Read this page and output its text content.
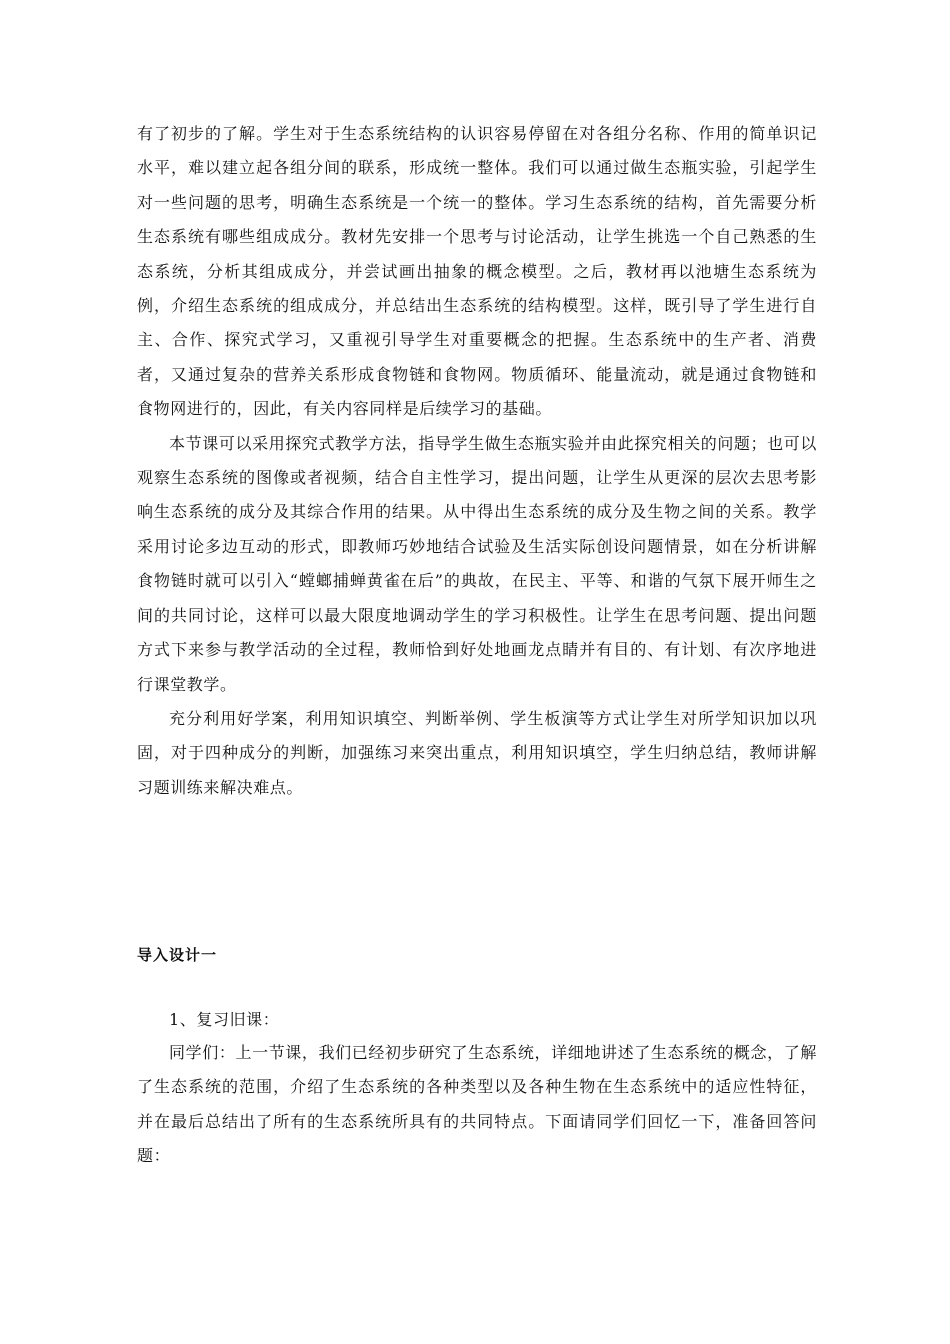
有了初步的了解。学生对于生态系统结构的认识容易停留在对各组分名称、作用的简单识记水平，难以建立起各组分间的联系，形成统一整体。我们可以通过做生态瓶实验，引起学生对一些问题的思考，明确生态系统是一个统一的整体。学习生态系统的结构，首先需要分析生态系统有哪些组成成分。教材先安排一个思考与讨论活动，让学生挑选一个自己熟悉的生态系统，分析其组成成分，并尝试画出抽象的概念模型。之后，教材再以池塘生态系统为例，介绍生态系统的组成成分，并总结出生态系统的结构模型。这样，既引导了学生进行自主、合作、探究式学习，又重视引导学生对重要概念的把握。生态系统中的生产者、消费者，又通过复杂的营养关系形成食物链和食物网。物质循环、能量流动，就是通过食物链和食物网进行的，因此，有关内容同样是后续学习的基础。

本节课可以采用探究式教学方法，指导学生做生态瓶实验并由此探究相关的问题；也可以观察生态系统的图像或者视频，结合自主性学习，提出问题，让学生从更深的层次去思考影响生态系统的成分及其综合作用的结果。从中得出生态系统的成分及生物之间的关系。教学采用讨论多边互动的形式，即教师巧妙地结合试验及生活实际创设问题情景，如在分析讲解食物链时就可以引入“螳螂捕蝉黄雀在后”的典故，在民主、平等、和谐的气氛下展开师生之间的共同讨论，这样可以最大限度地调动学生的学习积极性。让学生在思考问题、提出问题方式下来参与教学活动的全过程，教师恰到好处地画龙点睛并有目的、有计划、有次序地进行课堂教学。

充分利用好学案，利用知识填空、判断举例、学生板演等方式让学生对所学知识加以巩固，对于四种成分的判断，加强练习来突出重点，利用知识填空，学生归纳总结，教师讲解习题训练来解决难点。

导入设计一

1、复习旧课：

同学们：上一节课，我们已经初步研究了生态系统，详细地讲述了生态系统的概念，了解了生态系统的范围，介绍了生态系统的各种类型以及各种生物在生态系统中的适应性特征，并在最后总结出了所有的生态系统所具有的共同特点。下面请同学们回忆一下，准备回答问题：
